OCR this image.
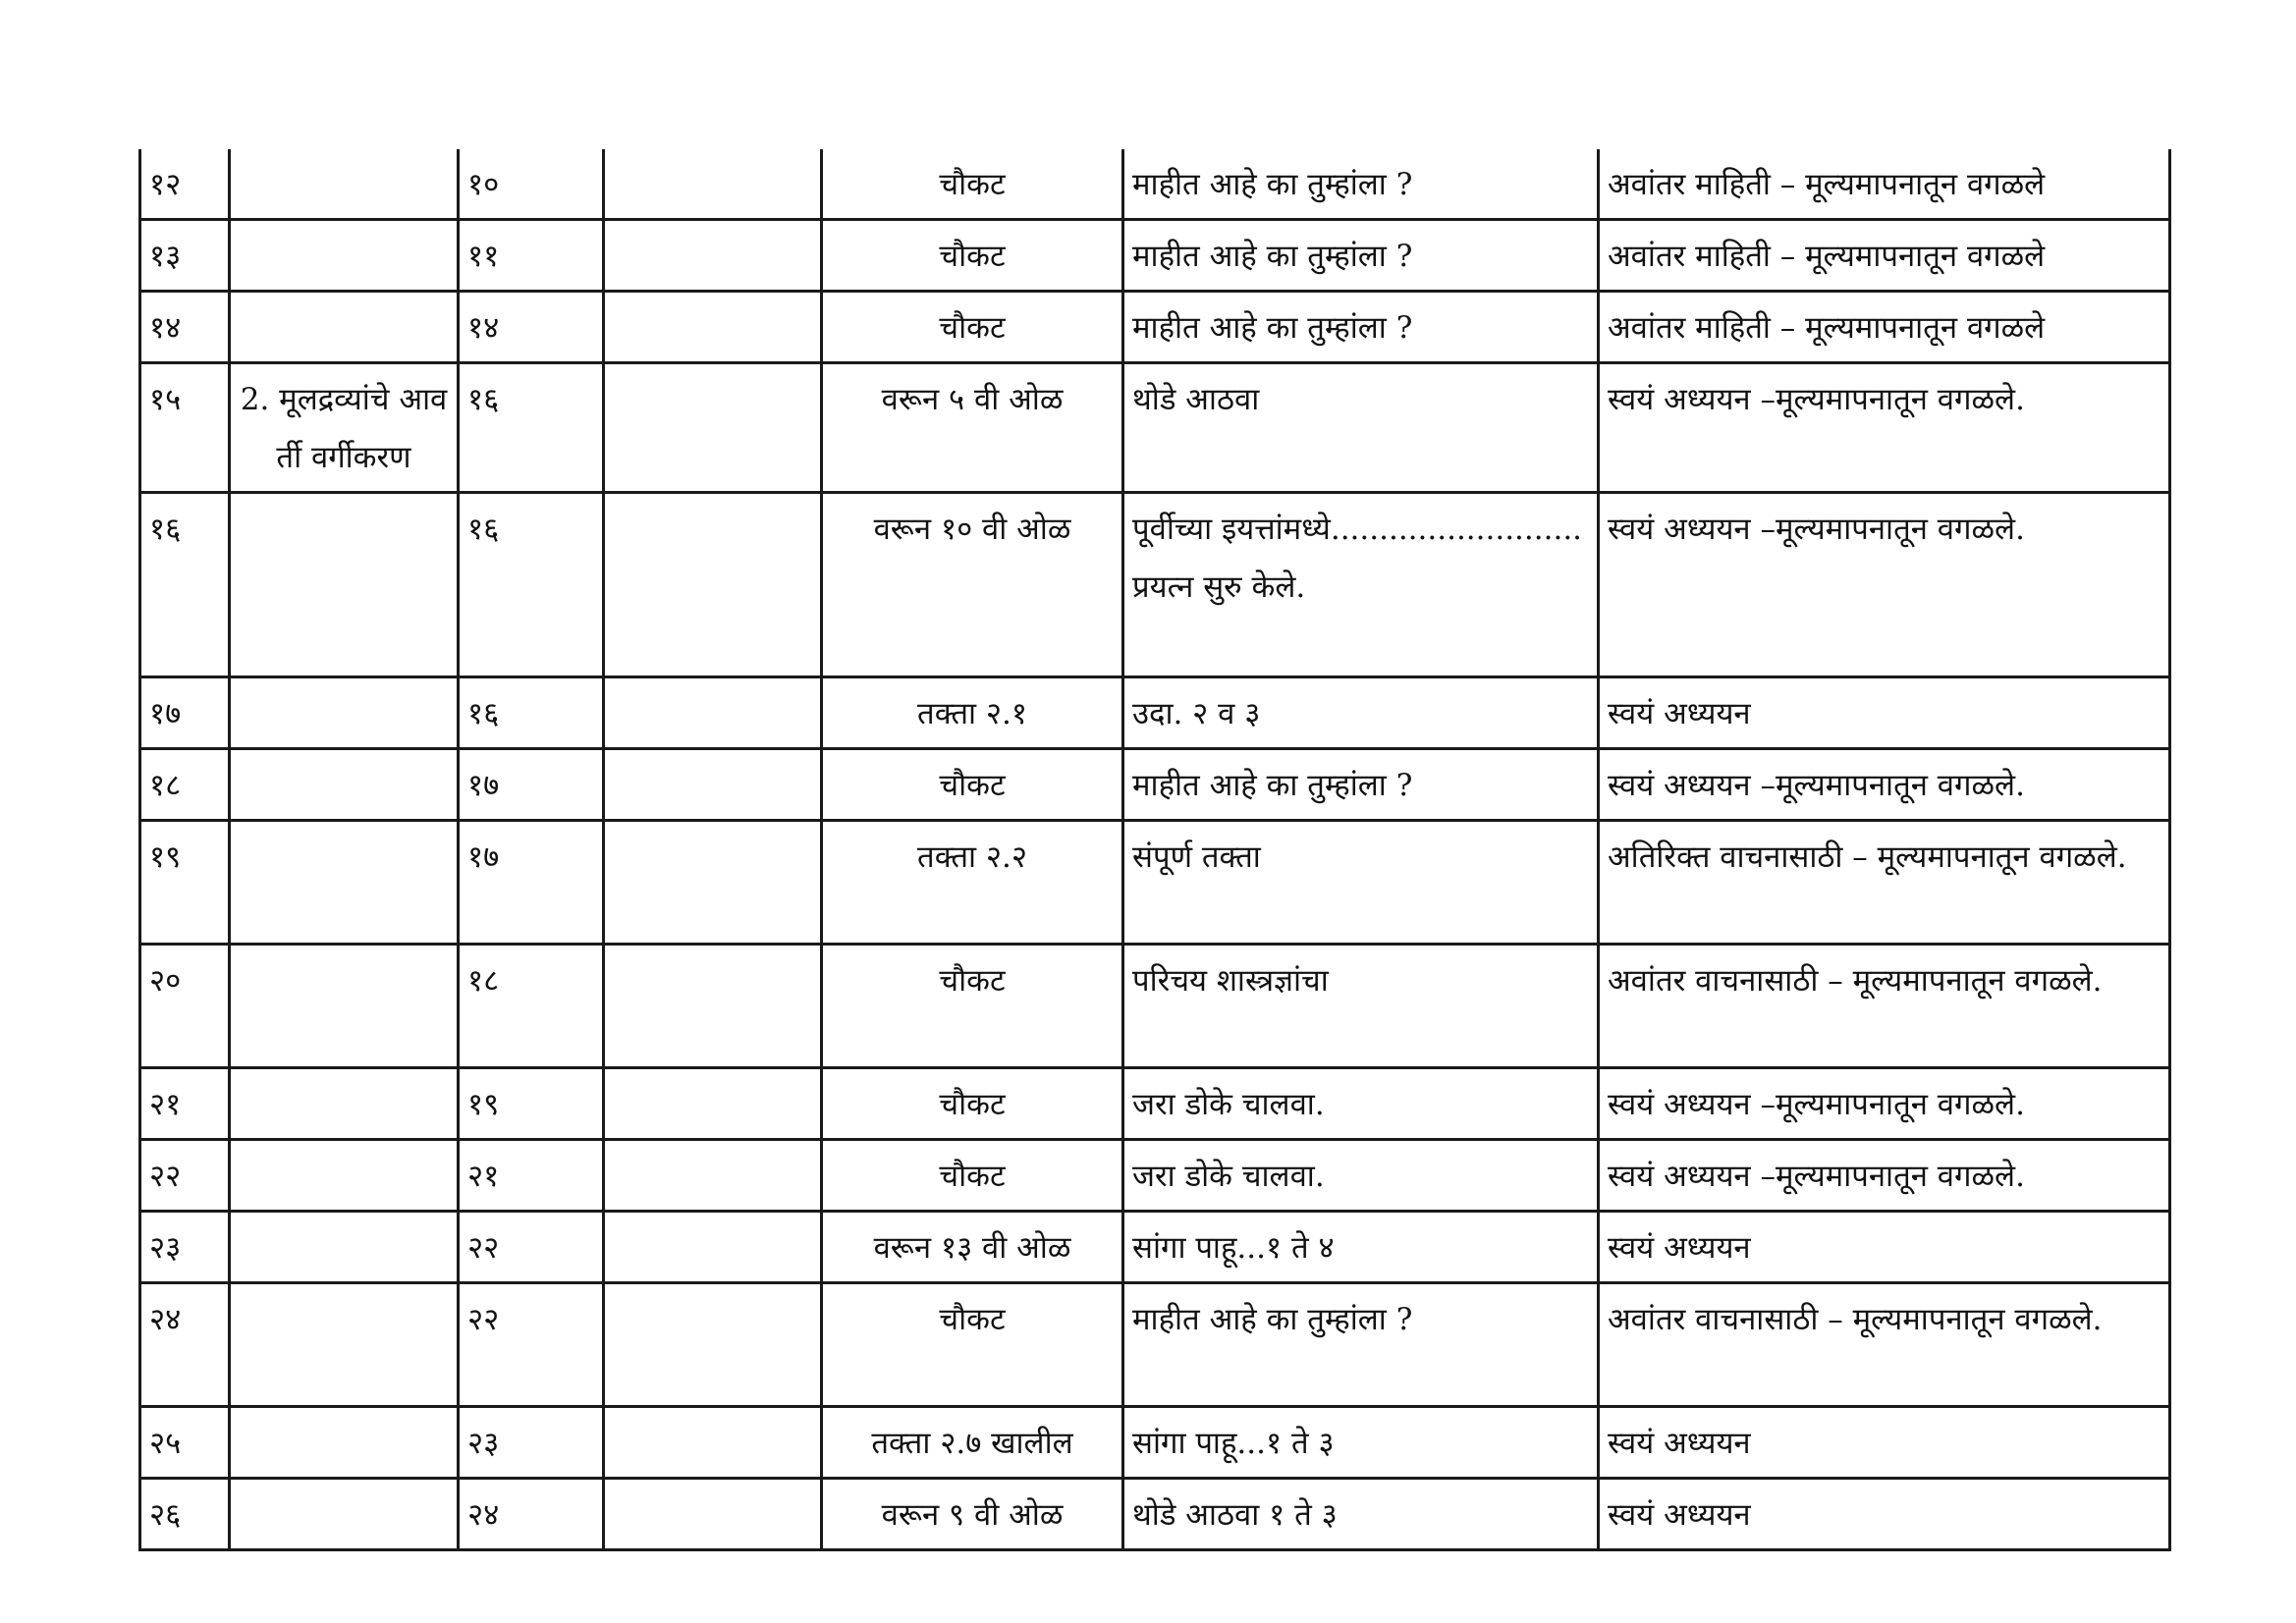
१२		१०		चौकट	माहीत आहे का तुम्हांला ?	अवांतर माहिती – मूल्यमापनातून वगळले
१३		११		चौकट	माहीत आहे का तुम्हांला ?	अवांतर माहिती – मूल्यमापनातून वगळले
१४		१४		चौकट	माहीत आहे का तुम्हांला ?	अवांतर माहिती – मूल्यमापनातून वगळले
१५	2. मूलद्रव्यांचे आवर्ती वर्गीकरण	१६		वरून ५ वी ओळ	थोडे आठवा	स्वयं अध्ययन –मूल्यमापनातून वगळले.
१६		१६		वरून १० वी ओळ	पूर्वीच्या इयत्तांमध्ये..........................प्रयत्न सुरु केले.	स्वयं अध्ययन –मूल्यमापनातून वगळले.
१७		१६		तक्ता २.१	उदा. २ व ३	स्वयं अध्ययन
१८		१७		चौकट	माहीत आहे का तुम्हांला ?	स्वयं अध्ययन –मूल्यमापनातून वगळले.
१९		१७		तक्ता २.२	संपूर्ण तक्ता	अतिरिक्त वाचनासाठी – मूल्यमापनातून वगळले.
२०		१८		चौकट	परिचय शास्त्रज्ञांचा	अवांतर वाचनासाठी – मूल्यमापनातून वगळले.
२१		१९		चौकट	जरा डोके चालवा.	स्वयं अध्ययन –मूल्यमापनातून वगळले.
२२		२१		चौकट	जरा डोके चालवा.	स्वयं अध्ययन –मूल्यमापनातून वगळले.
२३		२२		वरून १३ वी ओळ	सांगा पाहू...१ ते ४	स्वयं अध्ययन
२४		२२		चौकट	माहीत आहे का तुम्हांला ?	अवांतर वाचनासाठी – मूल्यमापनातून वगळले.
२५		२३		तक्ता २.७ खालील	सांगा पाहू...१ ते ३	स्वयं अध्ययन
२६		२४		वरून ९ वी ओळ	थोडे आठवा १ ते ३	स्वयं अध्ययन
